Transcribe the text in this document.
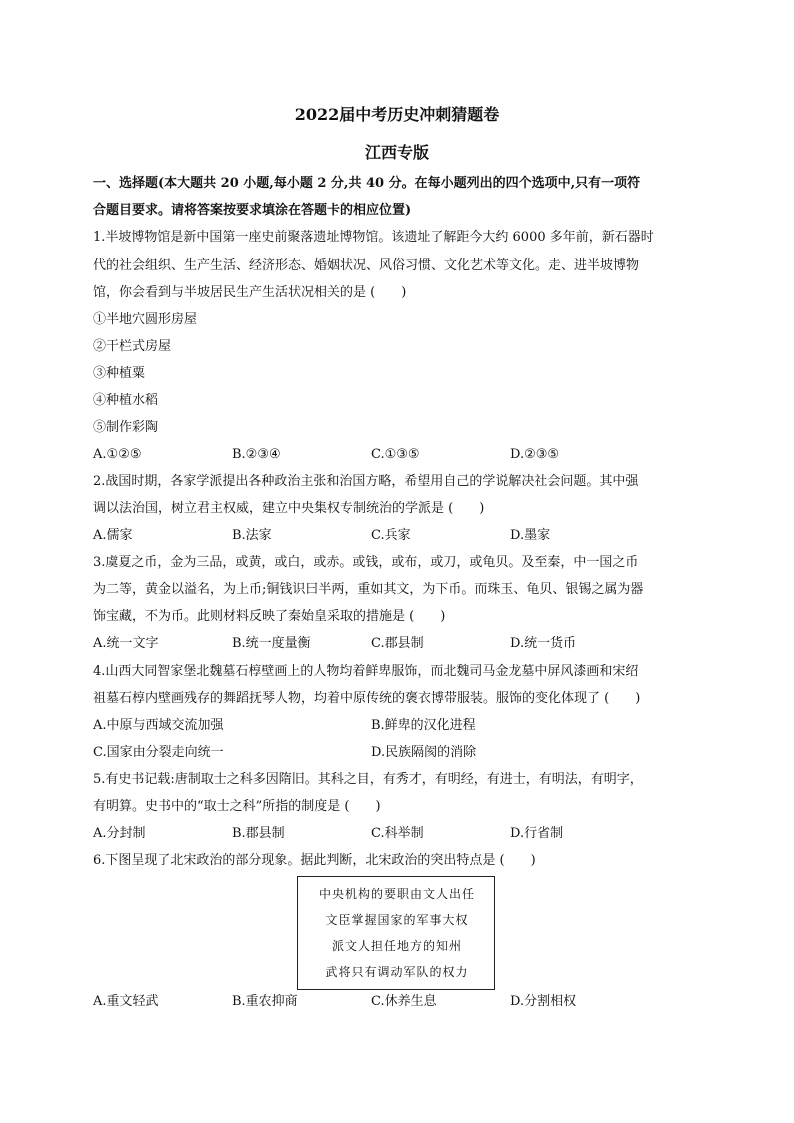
2022届中考历史冲刺猜题卷
江西专版
一、选择题(本大题共 20 小题,每小题 2 分,共 40 分。在每小题列出的四个选项中,只有一项符
合题目要求。请将答案按要求填涂在答题卡的相应位置)
1.半坡博物馆是新中国第一座史前聚落遗址博物馆。该遗址了解距今大约 6000 多年前，新石器时
代的社会组织、生产生活、经济形态、婚姻状况、风俗习惯、文化艺术等文化。走、进半坡博物
馆，你会看到与半坡居民生产生活状况相关的是 (　　)
①半地穴圆形房屋
②干栏式房屋
③种植粟
④种植水稻
⑤制作彩陶
A.①②⑤	B.②③④	C.①③⑤	D.②③⑤
2.战国时期，各家学派提出各种政治主张和治国方略，希望用自己的学说解决社会问题。其中强
调以法治国，树立君主权威，建立中央集权专制统治的学派是 (　　)
A.儒家	B.法家	C.兵家	D.墨家
3.虞夏之币，金为三品，或黄，或白，或赤。或钱，或布，或刀，或龟贝。及至秦，中一国之币
为二等，黄金以溢名，为上币;铜钱识曰半两，重如其文，为下币。而珠玉、龟贝、银锡之属为器
饰宝藏，不为币。此则材料反映了秦始皇采取的措施是 (　　)
A.统一文字	B.统一度量衡	C.郡县制	D.统一货币
4.山西大同智家堡北魏墓石椁壁画上的人物均着鲜卑服饰，而北魏司马金龙墓中屏风漆画和宋绍
祖墓石椁内壁画残存的舞蹈抚琴人物，均着中原传统的褒衣博带服装。服饰的变化体现了 (　　)
A.中原与西域交流加强	B.鲜卑的汉化进程
C.国家由分裂走向统一	D.民族隔阂的消除
5.有史书记载:唐制取士之科多因隋旧。其科之目，有秀才，有明经，有进士，有明法，有明字，
有明算。史书中的“取士之科”所指的制度是 (　　)
A.分封制	B.郡县制	C.科举制	D.行省制
6.下图呈现了北宋政治的部分现象。据此判断，北宋政治的突出特点是 (　　)
中央机构的要职由文人出任
文臣掌握国家的军事大权
派文人担任地方的知州
武将只有调动军队的权力
A.重文轻武	B.重农抑商	C.休养生息	D.分割相权
